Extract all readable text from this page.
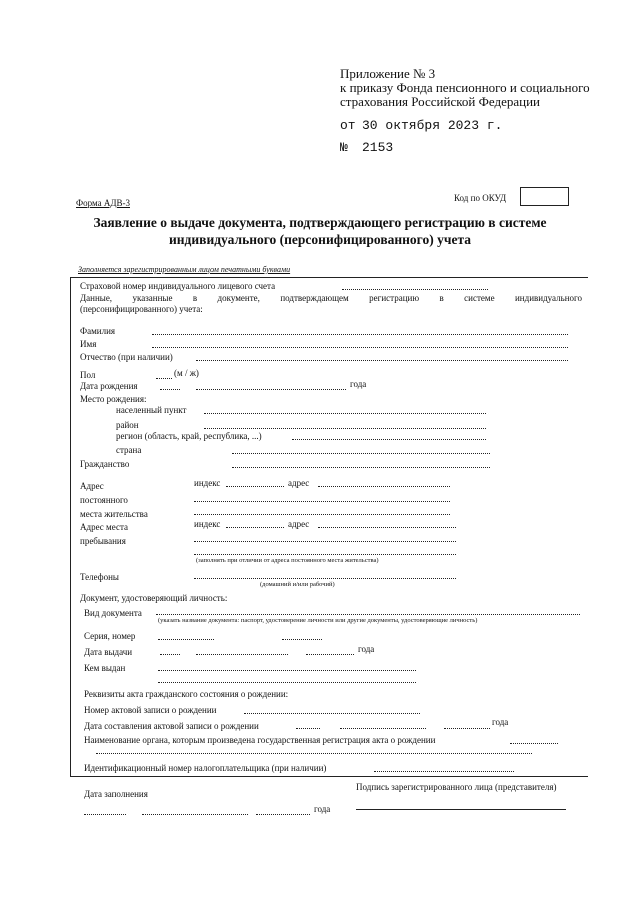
Приложение № 3
к приказу Фонда пенсионного и социального
страхования Российской Федерации
от 30 октября 2023 г.
№ 2153
Форма АДВ-3	Код по ОКУД
Заявление о выдаче документа, подтверждающего регистрацию в системе
индивидуального (персонифицированного) учета
Заполняется зарегистрированным лицом печатными буквами
Страховой номер индивидуального лицевого счета
Данные, указанные в документе, подтверждающем регистрацию в системе индивидуального
(персонифицированного) учета:
Фамилия
Имя
Отчество (при наличии)
Пол	(м / ж)
Дата рождения	года
Место рождения:
населенный пункт
район
регион (область, край, республика, ...)
страна
Гражданство
Адрес
постоянного
места жительства
индекс	адрес
Адрес места
пребывания
индекс	адрес
(заполнять при отличии от адреса постоянного места жительства)
Телефоны
(домашний и/или рабочий)
Документ, удостоверяющий личность:
Вид документа
(указать название документа: паспорт, удостоверение личности или другие документы, удостоверяющие личность)
Серия, номер
Дата выдачи	года
Кем выдан
Реквизиты акта гражданского состояния о рождении:
Номер актовой записи о рождении
Дата составления актовой записи о рождении	года
Наименование органа, которым произведена государственная регистрация акта о рождении
Идентификационный номер налогоплательщика (при наличии)
Дата заполнения
Подпись зарегистрированного лица (представителя)
года
